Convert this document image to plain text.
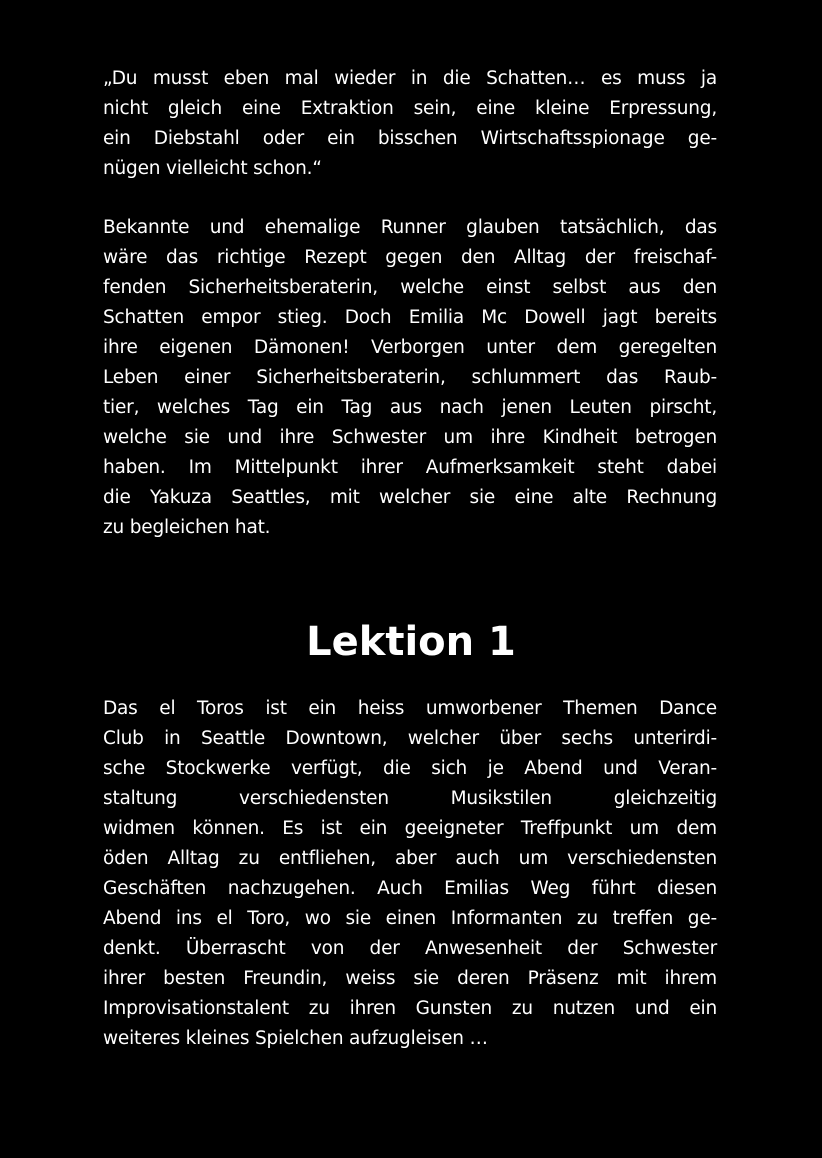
„Du musst eben mal wieder in die Schatten… es muss ja
nicht gleich eine Extraktion sein, eine kleine Erpressung,
ein Diebstahl oder ein bisschen Wirtschaftsspionage ge-
nügen vielleicht schon.“
Bekannte und ehemalige Runner glauben tatsächlich, das
wäre das richtige Rezept gegen den Alltag der freischaf-
fenden Sicherheitsberaterin, welche einst selbst aus den
Schatten empor stieg. Doch Emilia Mc Dowell jagt bereits
ihre eigenen Dämonen! Verborgen unter dem geregelten
Leben einer Sicherheitsberaterin, schlummert das Raub-
tier, welches Tag ein Tag aus nach jenen Leuten pirscht,
welche sie und ihre Schwester um ihre Kindheit betrogen
haben. Im Mittelpunkt ihrer Aufmerksamkeit steht dabei
die Yakuza Seattles, mit welcher sie eine alte Rechnung
zu begleichen hat.
Lektion 1
Das el Toros ist ein heiss umworbener Themen Dance
Club in Seattle Downtown, welcher über sechs unterirdi-
sche Stockwerke verfügt, die sich je Abend und Veran-
staltung verschiedensten Musikstilen gleichzeitig
widmen können. Es ist ein geeigneter Treffpunkt um dem
öden Alltag zu entfliehen, aber auch um verschiedensten
Geschäften nachzugehen. Auch Emilias Weg führt diesen
Abend ins el Toro, wo sie einen Informanten zu treffen ge-
denkt. Überrascht von der Anwesenheit der Schwester
ihrer besten Freundin, weiss sie deren Präsenz mit ihrem
Improvisationstalent zu ihren Gunsten zu nutzen und ein
weiteres kleines Spielchen aufzugleisen …
